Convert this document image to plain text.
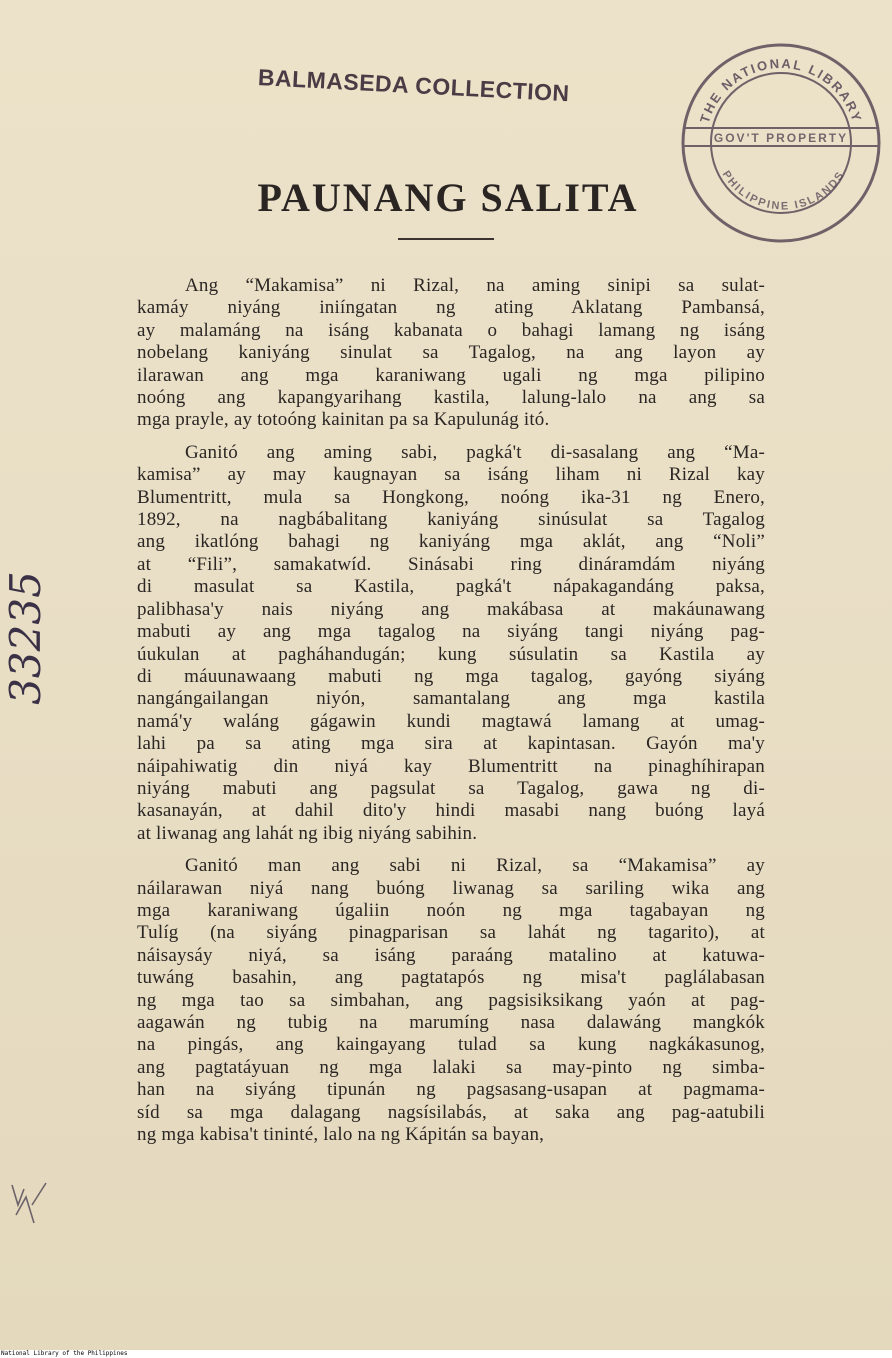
BALMASEDA COLLECTION
THE NATIONAL LIBRARY
GOV'T PROPERTY
PHILIPPINE ISLANDS
PAUNANG SALITA
Ang “Makamisa” ni Rizal, na aming sinipi sa sulat-
kamáy niyáng iniíngatan ng ating Aklatang Pambansá,
ay malamáng na isáng kabanata o bahagi lamang ng isáng
nobelang kaniyáng sinulat sa Tagalog, na ang layon ay
ilarawan ang mga karaniwang ugali ng mga pilipino
noóng ang kapangyarihang kastila, lalung-lalo na ang sa
mga prayle, ay totoóng kainitan pa sa Kapulunág itó.
Ganitó ang aming sabi, pagká't di-sasalang ang “Ma-
kamisa” ay may kaugnayan sa isáng liham ni Rizal kay
Blumentritt, mula sa Hongkong, noóng ika-31 ng Enero,
1892, na nagbábalitang kaniyáng sinúsulat sa Tagalog
ang ikatlóng bahagi ng kaniyáng mga aklát, ang “Noli”
at “Fili”, samakatwíd. Sinásabi ring dináramdám niyáng
di masulat sa Kastila, pagká't nápakagandáng paksa,
palibhasa'y nais niyáng ang makábasa at makáunawang
mabuti ay ang mga tagalog na siyáng tangi niyáng pag-
úukulan at pagháhandugán; kung súsulatin sa Kastila ay
di máuunawaang mabuti ng mga tagalog, gayóng siyáng
nangángailangan niyón, samantalang ang mga kastila
namá'y waláng gágawin kundi magtawá lamang at umag-
lahi pa sa ating mga sira at kapintasan. Gayón ma'y
náipahiwatig din niyá kay Blumentritt na pinaghíhirapan
niyáng mabuti ang pagsulat sa Tagalog, gawa ng di-
kasanayán, at dahil dito'y hindi masabi nang buóng layá
at liwanag ang lahát ng ibig niyáng sabihin.
Ganitó man ang sabi ni Rizal, sa “Makamisa” ay
náilarawan niyá nang buóng liwanag sa sariling wika ang
mga karaniwang úgaliin noón ng mga tagabayan ng
Tulíg (na siyáng pinagparisan sa lahát ng tagarito), at
náisaysáy niyá, sa isáng paraáng matalino at katuwa-
tuwáng basahin, ang pagtatapós ng misa't paglálabasan
ng mga tao sa simbahan, ang pagsisiksikang yaón at pag-
aagawán ng tubig na marumíng nasa dalawáng mangkók
na pingás, ang kaingayang tulad sa kung nagkákasunog,
ang pagtatáyuan ng mga lalaki sa may-pinto ng simba-
han na siyáng tipunán ng pagsasang-usapan at pagmama-
síd sa mga dalagang nagsísilabás, at saka ang pag-aatubili
ng mga kabisa't tininté, lalo na ng Kápitán sa bayan,
33235
National Library of the Philippines
